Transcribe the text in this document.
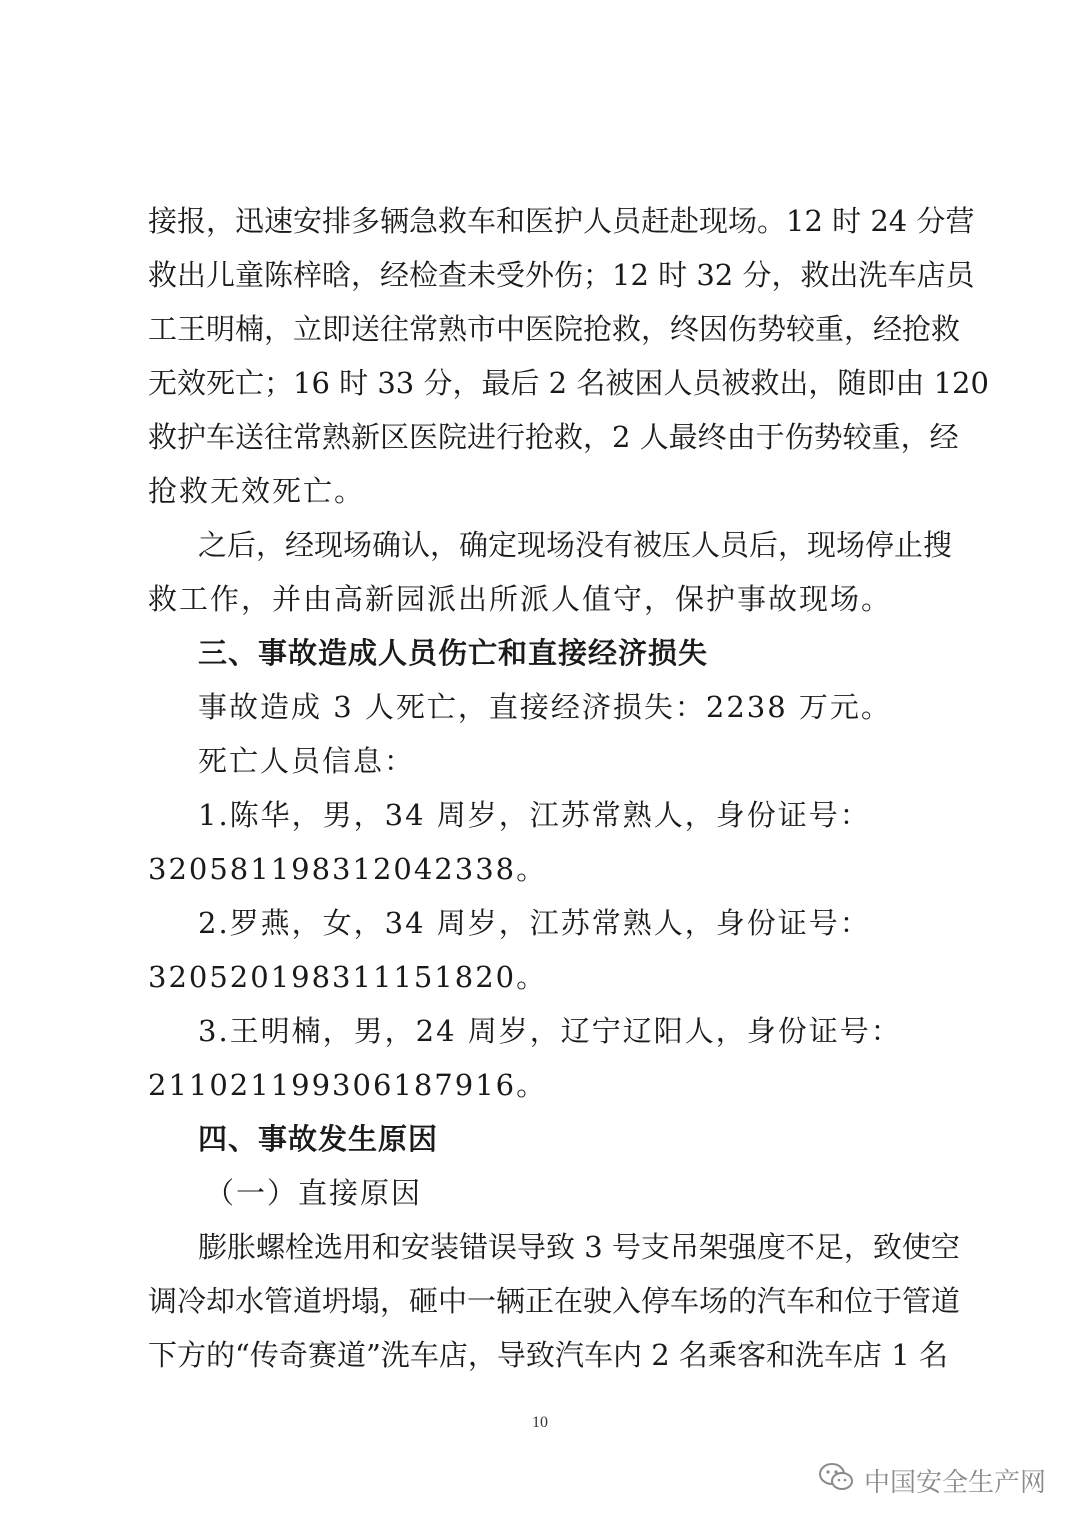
接报，迅速安排多辆急救车和医护人员赶赴现场。12 时 24 分营
救出儿童陈梓晗，经检查未受外伤；12 时 32 分，救出洗车店员
工王明楠，立即送往常熟市中医院抢救，终因伤势较重，经抢救
无效死亡；16 时 33 分，最后 2 名被困人员被救出，随即由 120
救护车送往常熟新区医院进行抢救，2 人最终由于伤势较重，经
抢救无效死亡。
之后，经现场确认，确定现场没有被压人员后，现场停止搜
救工作，并由高新园派出所派人值守，保护事故现场。
三、事故造成人员伤亡和直接经济损失
事故造成 3 人死亡，直接经济损失：2238 万元。
死亡人员信息：
1.陈华，男，34 周岁，江苏常熟人，身份证号：
320581198312042338。
2.罗燕，女，34 周岁，江苏常熟人，身份证号：
320520198311151820。
3.王明楠，男，24 周岁，辽宁辽阳人，身份证号：
211021199306187916。
四、事故发生原因
（一）直接原因
膨胀螺栓选用和安装错误导致 3 号支吊架强度不足，致使空
调冷却水管道坍塌，砸中一辆正在驶入停车场的汽车和位于管道
下方的“传奇赛道”洗车店，导致汽车内 2 名乘客和洗车店 1 名
10
中国安全生产网
